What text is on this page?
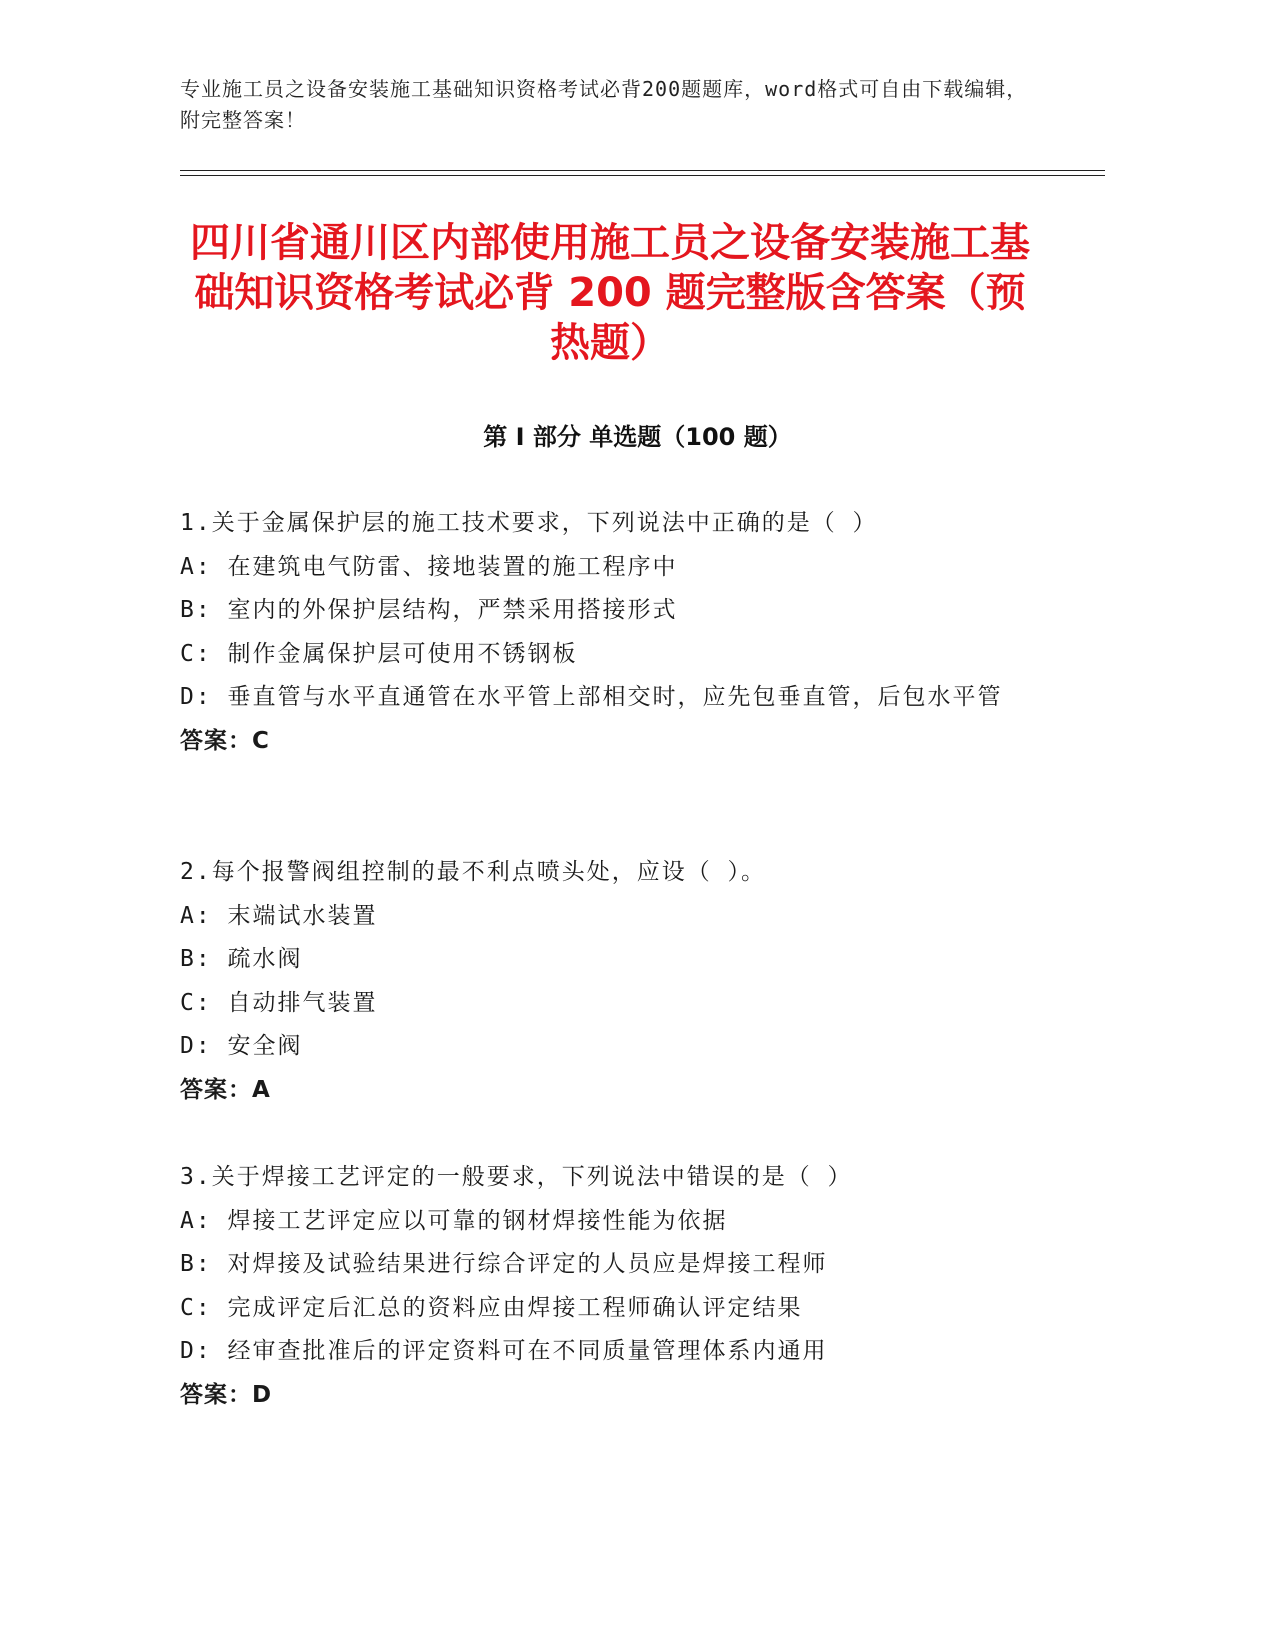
专业施工员之设备安装施工基础知识资格考试必背200题题库，word格式可自由下载编辑，附完整答案！
四川省通川区内部使用施工员之设备安装施工基础知识资格考试必背 200 题完整版含答案（预热题）
第 I 部分 单选题（100 题）
1.关于金属保护层的施工技术要求，下列说法中正确的是（ ）
A: 在建筑电气防雷、接地装置的施工程序中
B: 室内的外保护层结构，严禁采用搭接形式
C: 制作金属保护层可使用不锈钢板
D: 垂直管与水平直通管在水平管上部相交时，应先包垂直管，后包水平管
答案：C
2.每个报警阀组控制的最不利点喷头处，应设（ ）。
A: 末端试水装置
B: 疏水阀
C: 自动排气装置
D: 安全阀
答案：A
3.关于焊接工艺评定的一般要求，下列说法中错误的是（ ）
A: 焊接工艺评定应以可靠的钢材焊接性能为依据
B: 对焊接及试验结果进行综合评定的人员应是焊接工程师
C: 完成评定后汇总的资料应由焊接工程师确认评定结果
D: 经审查批准后的评定资料可在不同质量管理体系内通用
答案：D
